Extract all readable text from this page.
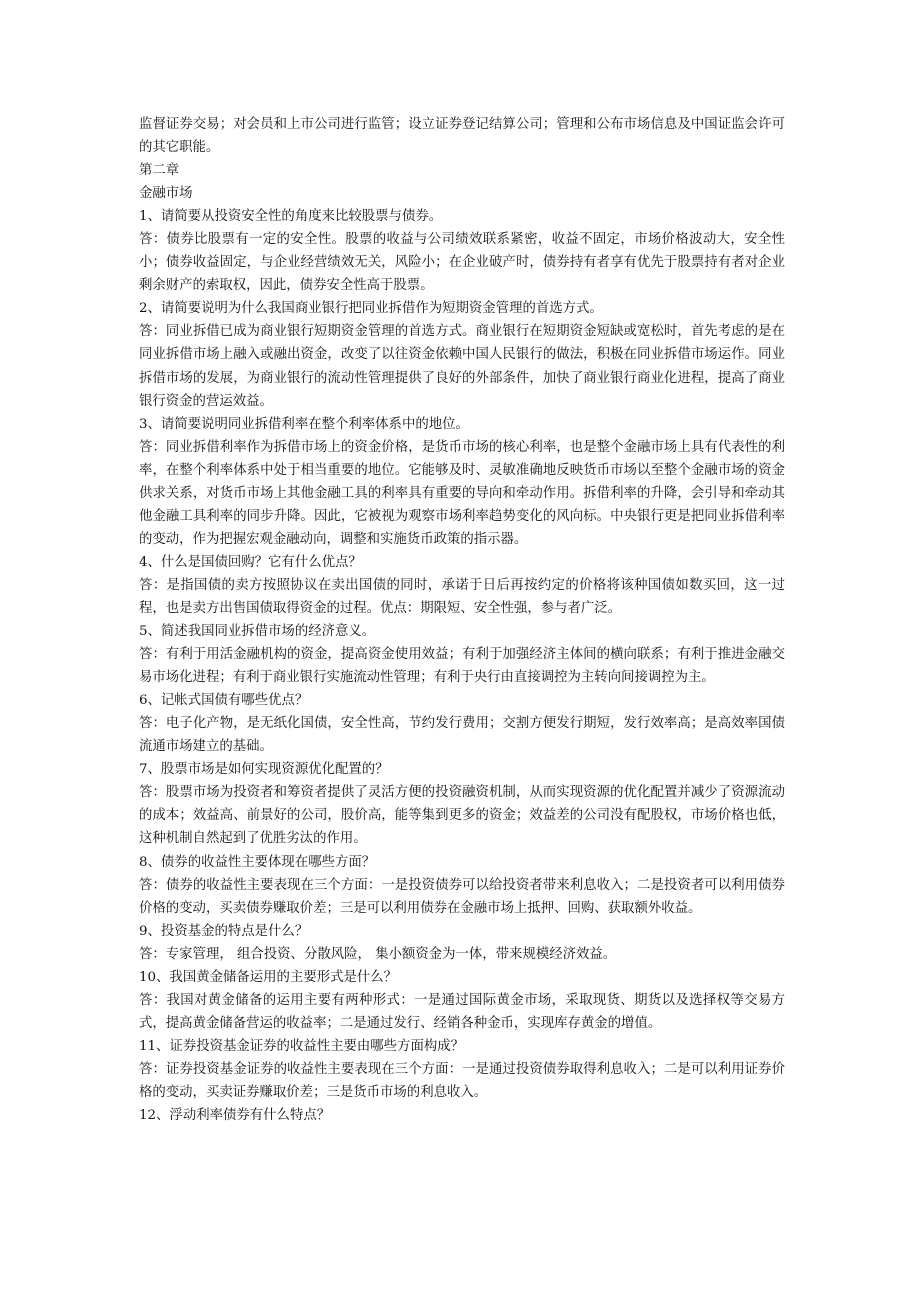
监督证券交易；对会员和上市公司进行监管；设立证券登记结算公司；管理和公布市场信息及中国证监会许可的其它职能。

第二章

金融市场

1、请简要从投资安全性的角度来比较股票与债券。

答：债券比股票有一定的安全性。股票的收益与公司绩效联系紧密，收益不固定，市场价格波动大，安全性小；债券收益固定，与企业经营绩效无关，风险小；在企业破产时，债券持有者享有优先于股票持有者对企业剩余财产的索取权，因此，债券安全性高于股票。

2、请简要说明为什么我国商业银行把同业拆借作为短期资金管理的首选方式。

答：同业拆借已成为商业银行短期资金管理的首选方式。商业银行在短期资金短缺或宽松时，首先考虑的是在同业拆借市场上融入或融出资金，改变了以往资金依赖中国人民银行的做法，积极在同业拆借市场运作。同业拆借市场的发展，为商业银行的流动性管理提供了良好的外部条件，加快了商业银行商业化进程，提高了商业银行资金的营运效益。

3、请简要说明同业拆借利率在整个利率体系中的地位。

答：同业拆借利率作为拆借市场上的资金价格，是货币市场的核心利率，也是整个金融市场上具有代表性的利率，在整个利率体系中处于相当重要的地位。它能够及时、灵敏准确地反映货币市场以至整个金融市场的资金供求关系，对货币市场上其他金融工具的利率具有重要的导向和牵动作用。拆借利率的升降，会引导和牵动其他金融工具利率的同步升降。因此，它被视为观察市场利率趋势变化的风向标。中央银行更是把同业拆借利率的变动，作为把握宏观金融动向，调整和实施货币政策的指示器。

4、什么是国债回购？它有什么优点？

答：是指国债的卖方按照协议在卖出国债的同时，承诺于日后再按约定的价格将该种国债如数买回，这一过程，也是卖方出售国债取得资金的过程。优点：期限短、安全性强，参与者广泛。

5、简述我国同业拆借市场的经济意义。

答：有利于用活金融机构的资金，提高资金使用效益；有利于加强经济主体间的横向联系；有利于推进金融交易市场化进程；有利于商业银行实施流动性管理；有利于央行由直接调控为主转向间接调控为主。

6、记帐式国债有哪些优点？

答：电子化产物，是无纸化国债，安全性高，节约发行费用；交割方便发行期短，发行效率高；是高效率国债流通市场建立的基础。

7、股票市场是如何实现资源优化配置的？

答：股票市场为投资者和筹资者提供了灵活方便的投资融资机制，从而实现资源的优化配置并减少了资源流动的成本；效益高、前景好的公司，股价高，能等集到更多的资金；效益差的公司没有配股权，市场价格也低，这种机制自然起到了优胜劣汰的作用。

8、债券的收益性主要体现在哪些方面？

答：债券的收益性主要表现在三个方面：一是投资债券可以给投资者带来利息收入；二是投资者可以利用债券价格的变动，买卖债券赚取价差；三是可以利用债券在金融市场上抵押、回购、获取额外收益。

9、投资基金的特点是什么？

答：专家管理， 组合投资、分散风险， 集小额资金为一体，带来规模经济效益。

10、我国黄金储备运用的主要形式是什么？

答：我国对黄金储备的运用主要有两种形式：一是通过国际黄金市场，采取现货、期货以及选择权等交易方式，提高黄金储备营运的收益率；二是通过发行、经销各种金币，实现库存黄金的增值。

11、证券投资基金证券的收益性主要由哪些方面构成？

答：证券投资基金证券的收益性主要表现在三个方面：一是通过投资债券取得利息收入；二是可以利用证券价格的变动，买卖证券赚取价差；三是货币市场的利息收入。

12、浮动利率债券有什么特点？
